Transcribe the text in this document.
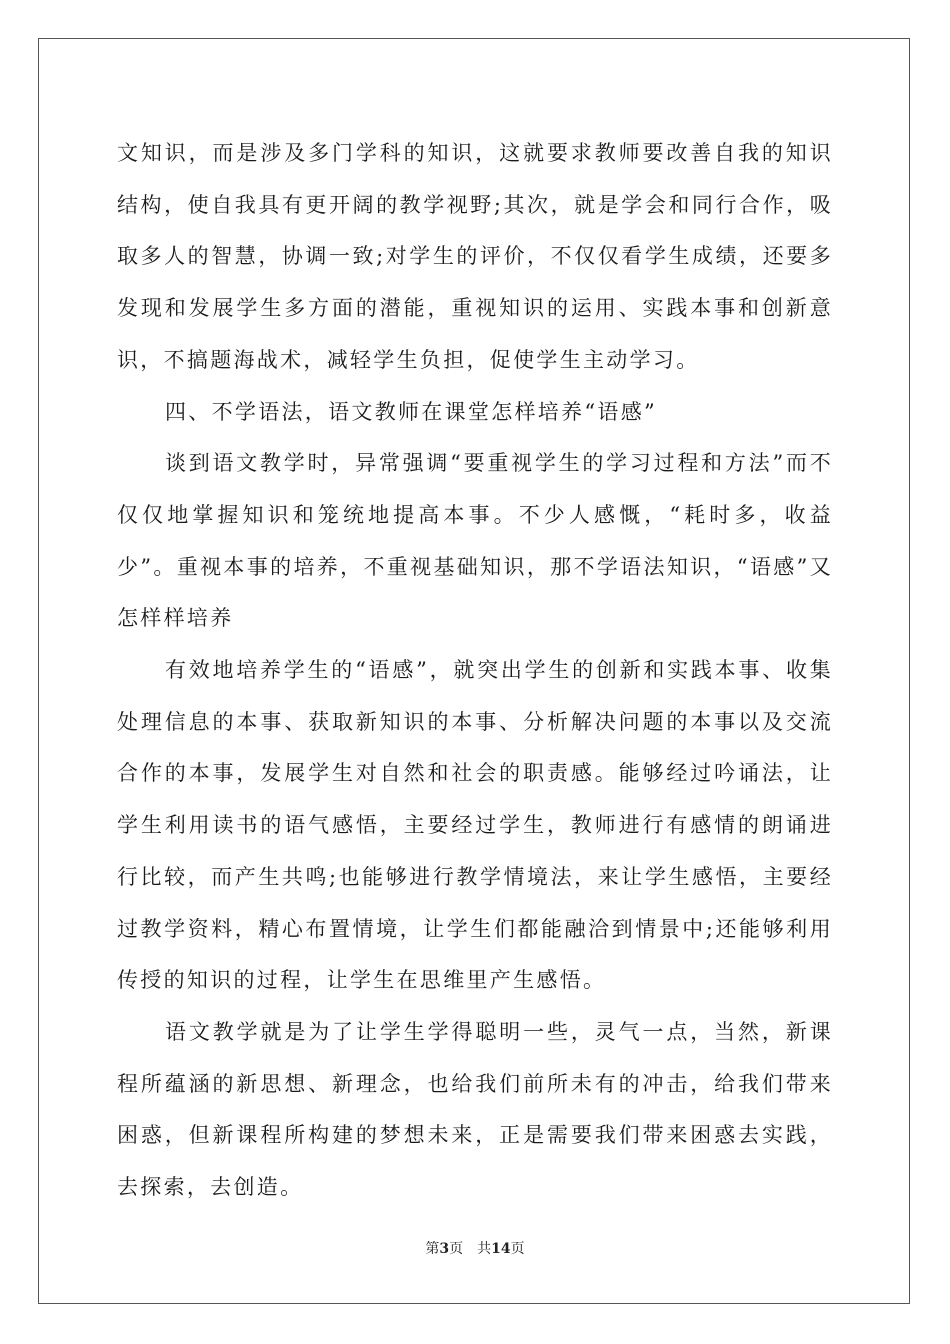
文知识，而是涉及多门学科的知识，这就要求教师要改善自我的知识结构，使自我具有更开阔的教学视野;其次，就是学会和同行合作，吸取多人的智慧，协调一致;对学生的评价，不仅仅看学生成绩，还要多发现和发展学生多方面的潜能，重视知识的运用、实践本事和创新意识，不搞题海战术，减轻学生负担，促使学生主动学习。

四、不学语法，语文教师在课堂怎样培养“语感”

谈到语文教学时，异常强调“要重视学生的学习过程和方法”而不仅仅地掌握知识和笼统地提高本事。不少人感慨，“耗时多，收益少”。重视本事的培养，不重视基础知识，那不学语法知识，“语感”又怎样样培养

有效地培养学生的“语感”，就突出学生的创新和实践本事、收集处理信息的本事、获取新知识的本事、分析解决问题的本事以及交流合作的本事，发展学生对自然和社会的职责感。能够经过吟诵法，让学生利用读书的语气感悟，主要经过学生，教师进行有感情的朗诵进行比较，而产生共鸣;也能够进行教学情境法，来让学生感悟，主要经过教学资料，精心布置情境，让学生们都能融洽到情景中;还能够利用传授的知识的过程，让学生在思维里产生感悟。

语文教学就是为了让学生学得聪明一些，灵气一点，当然，新课程所蕴涵的新思想、新理念，也给我们前所未有的冲击，给我们带来困惑，但新课程所构建的梦想未来，正是需要我们带来困惑去实践，去探索，去创造。

第3页 共14页
